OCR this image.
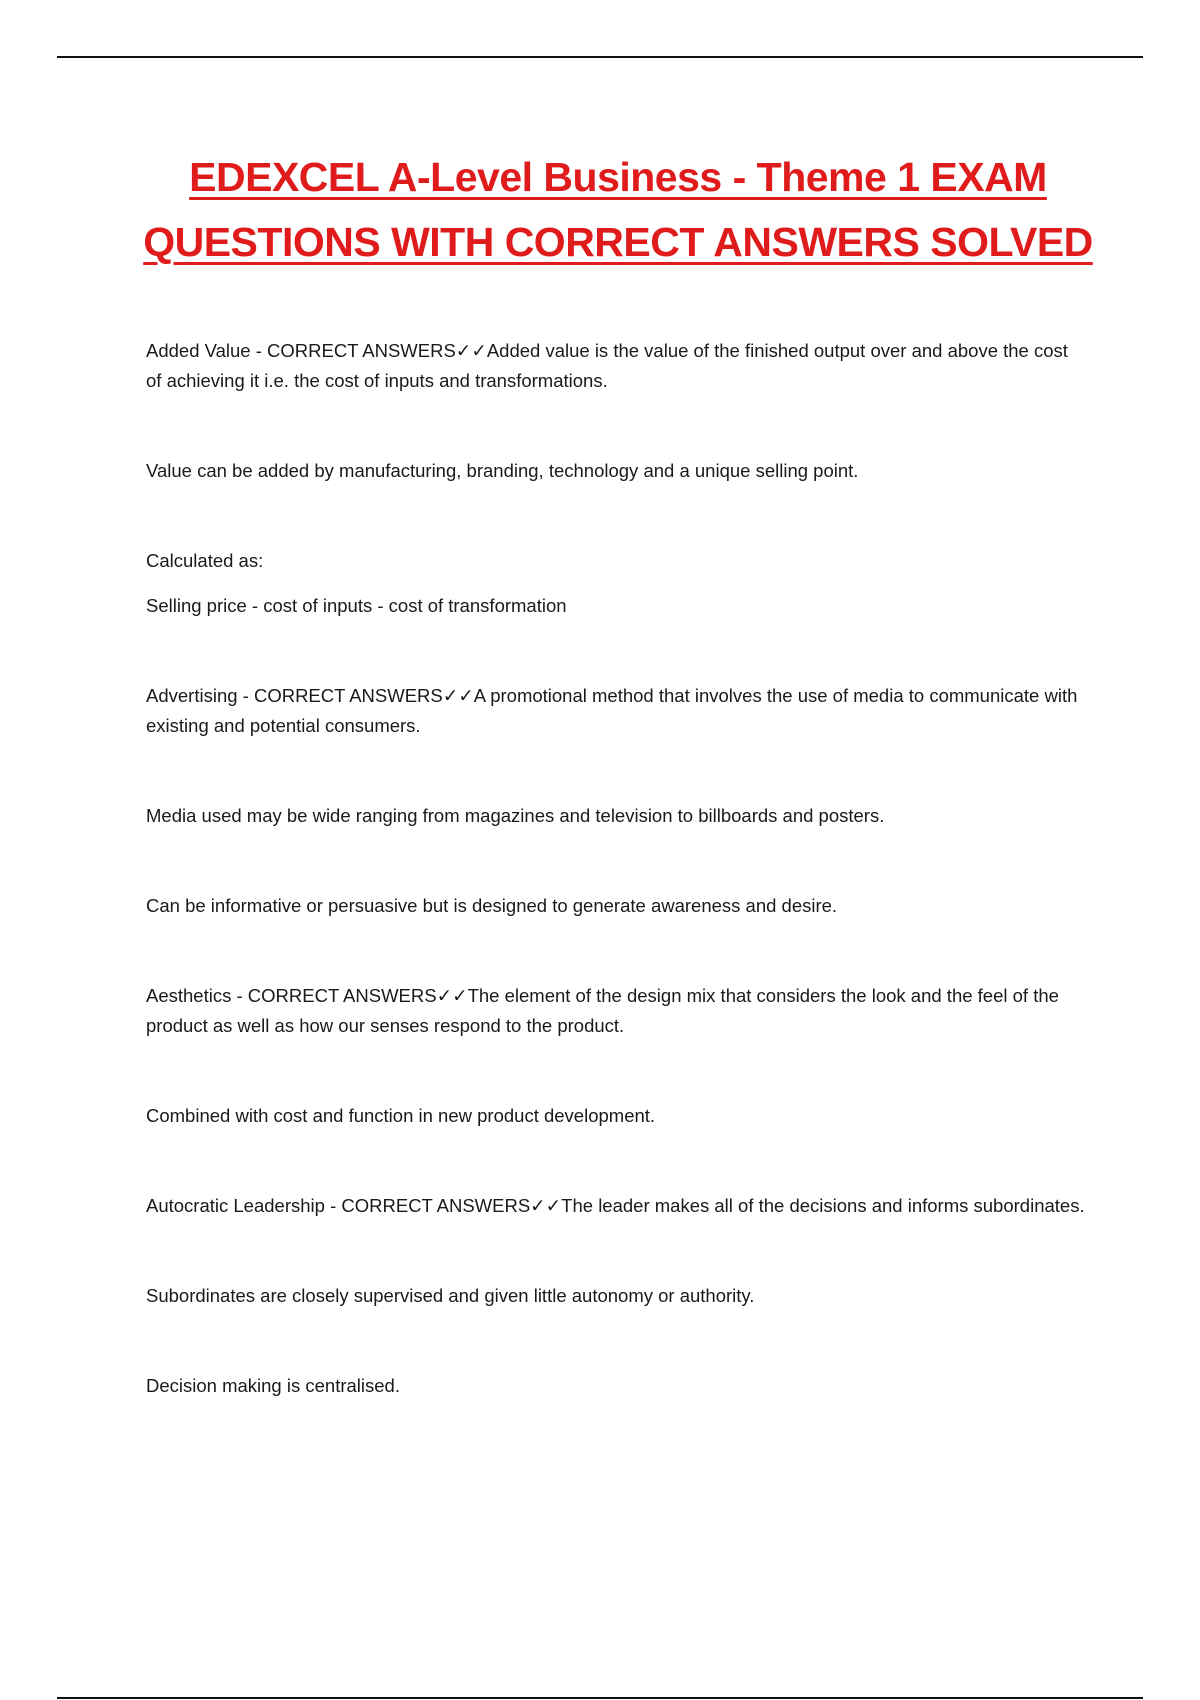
EDEXCEL A-Level Business - Theme 1 EXAM
QUESTIONS WITH CORRECT ANSWERS SOLVED

Added Value - CORRECT ANSWERS✓✓Added value is the value of the finished output over and above the cost of achieving it i.e. the cost of inputs and transformations.

Value can be added by manufacturing, branding, technology and a unique selling point.

Calculated as:

Selling price - cost of inputs - cost of transformation

Advertising - CORRECT ANSWERS✓✓A promotional method that involves the use of media to communicate with existing and potential consumers.

Media used may be wide ranging from magazines and television to billboards and posters.

Can be informative or persuasive but is designed to generate awareness and desire.

Aesthetics - CORRECT ANSWERS✓✓The element of the design mix that considers the look and the feel of the product as well as how our senses respond to the product.

Combined with cost and function in new product development.

Autocratic Leadership - CORRECT ANSWERS✓✓The leader makes all of the decisions and informs subordinates.

Subordinates are closely supervised and given little autonomy or authority.

Decision making is centralised.
